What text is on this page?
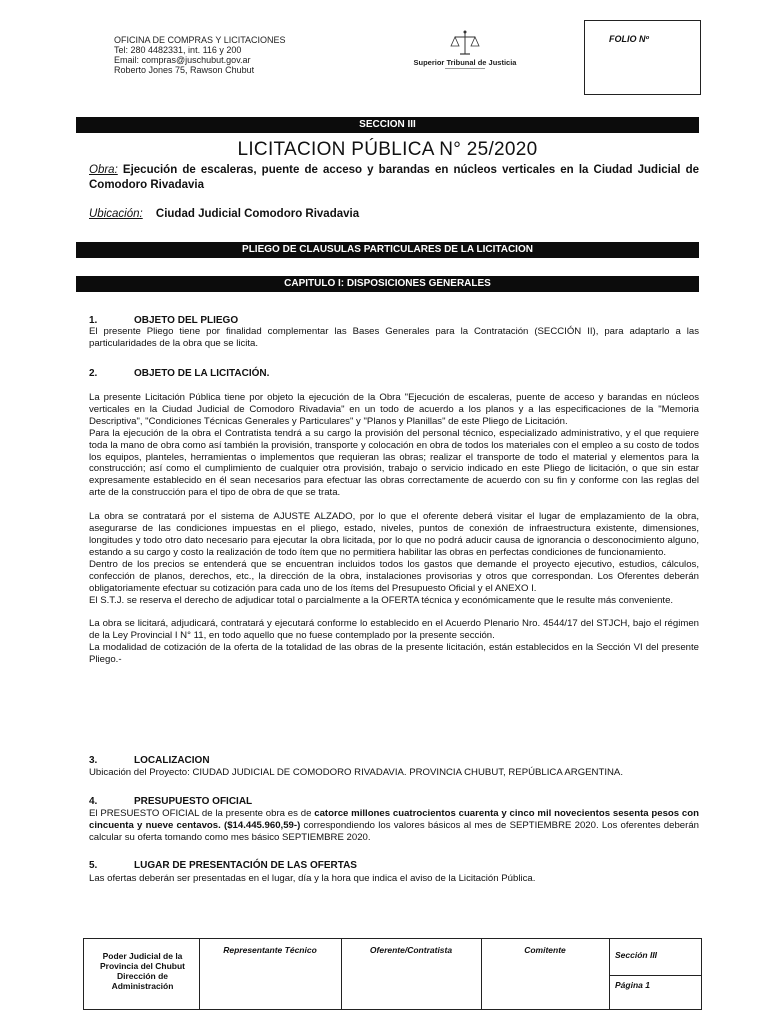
OFICINA DE COMPRAS Y LICITACIONES
Tel: 280 4482331, int. 116 y 200
Email: compras@juschubut.gov.ar
Roberto Jones 75, Rawson Chubut
Superior Tribunal de Justicia
FOLIO Nº
SECCION III
LICITACION PÚBLICA N° 25/2020
Obra: Ejecución de escaleras, puente de acceso y barandas en núcleos verticales en la Ciudad Judicial de Comodoro Rivadavia
Ubicación: Ciudad Judicial Comodoro Rivadavia
PLIEGO DE CLAUSULAS PARTICULARES DE LA LICITACION
CAPITULO I: DISPOSICIONES GENERALES
1.	OBJETO DEL PLIEGO

El presente Pliego tiene por finalidad complementar las Bases Generales para la Contratación (SECCIÓN II), para adaptarlo a las particularidades de la obra que se licita.

2.	OBJETO DE LA LICITACIÓN.

La presente Licitación Pública tiene por objeto la ejecución de la Obra "Ejecución de escaleras, puente de acceso y barandas en núcleos verticales en la Ciudad Judicial de Comodoro Rivadavia" en un todo de acuerdo a los planos y a las especificaciones de la "Memoria Descriptiva", "Condiciones Técnicas Generales y Particulares" y "Planos y Planillas" de este Pliego de Licitación.

Para la ejecución de la obra el Contratista tendrá a su cargo la provisión del personal técnico, especializado administrativo, y el que requiere toda la mano de obra como así también la provisión, transporte y colocación en obra de todos los materiales con el empleo a su costo de todos los equipos, planteles, herramientas o implementos que requieran las obras; realizar el transporte de todo el material y elementos para la construcción; así como el cumplimiento de cualquier otra provisión, trabajo o servicio indicado en este Pliego de licitación, o que sin estar expresamente establecido en él sean necesarios para efectuar las obras correctamente de acuerdo con su fin y conforme con las reglas del arte de la construcción para el tipo de obra de que se trata.

La obra se contratará por el sistema de AJUSTE ALZADO, por lo que el oferente deberá visitar el lugar de emplazamiento de la obra, asegurarse de las condiciones impuestas en el pliego, estado, niveles, puntos de conexión de infraestructura existente, dimensiones, longitudes y todo otro dato necesario para ejecutar la obra licitada, por lo que no podrá aducir causa de ignorancia o desconocimiento alguno, estando a su cargo y costo la realización de todo ítem que no permitiera habilitar las obras en perfectas condiciones de funcionamiento.

Dentro de los precios se entenderá que se encuentran incluidos todos los gastos que demande el proyecto ejecutivo, estudios, cálculos, confección de planos, derechos, etc., la dirección de la obra, instalaciones provisorias y otros que correspondan. Los Oferentes deberán obligatoriamente efectuar su cotización para cada uno de los ítems del Presupuesto Oficial y el ANEXO I.

El S.T.J. se reserva el derecho de adjudicar total o parcialmente a la OFERTA técnica y económicamente que le resulte más conveniente.

La obra se licitará, adjudicará, contratará y ejecutará conforme lo establecido en el Acuerdo Plenario Nro. 4544/17 del STJCH, bajo el régimen de la Ley Provincial I N° 11, en todo aquello que no fuese contemplado por la presente sección.

La modalidad de cotización de la oferta de la totalidad de las obras de la presente licitación, están establecidos en la Sección VI del presente Pliego.-

3.	LOCALIZACION

Ubicación del Proyecto: CIUDAD JUDICIAL DE COMODORO RIVADAVIA. PROVINCIA CHUBUT, REPÚBLICA ARGENTINA.

4.	PRESUPUESTO OFICIAL

El PRESUESTO OFICIAL de la presente obra es de catorce millones cuatrocientos cuarenta y cinco mil novecientos sesenta pesos con cincuenta y nueve centavos. ($14.445.960,59-) correspondiendo los valores básicos al mes de SEPTIEMBRE 2020. Los oferentes deberán calcular su oferta tomando como mes básico SEPTIEMBRE 2020.

5.	LUGAR DE PRESENTACIÓN DE LAS OFERTAS

Las ofertas deberán ser presentadas en el lugar, día y la hora que indica el aviso de la Licitación Pública.

Poder Judicial de la Provincia del Chubut Dirección de Administración
Representante Técnico	Oferente/Contratista	Comitente	Sección III
Página 1
